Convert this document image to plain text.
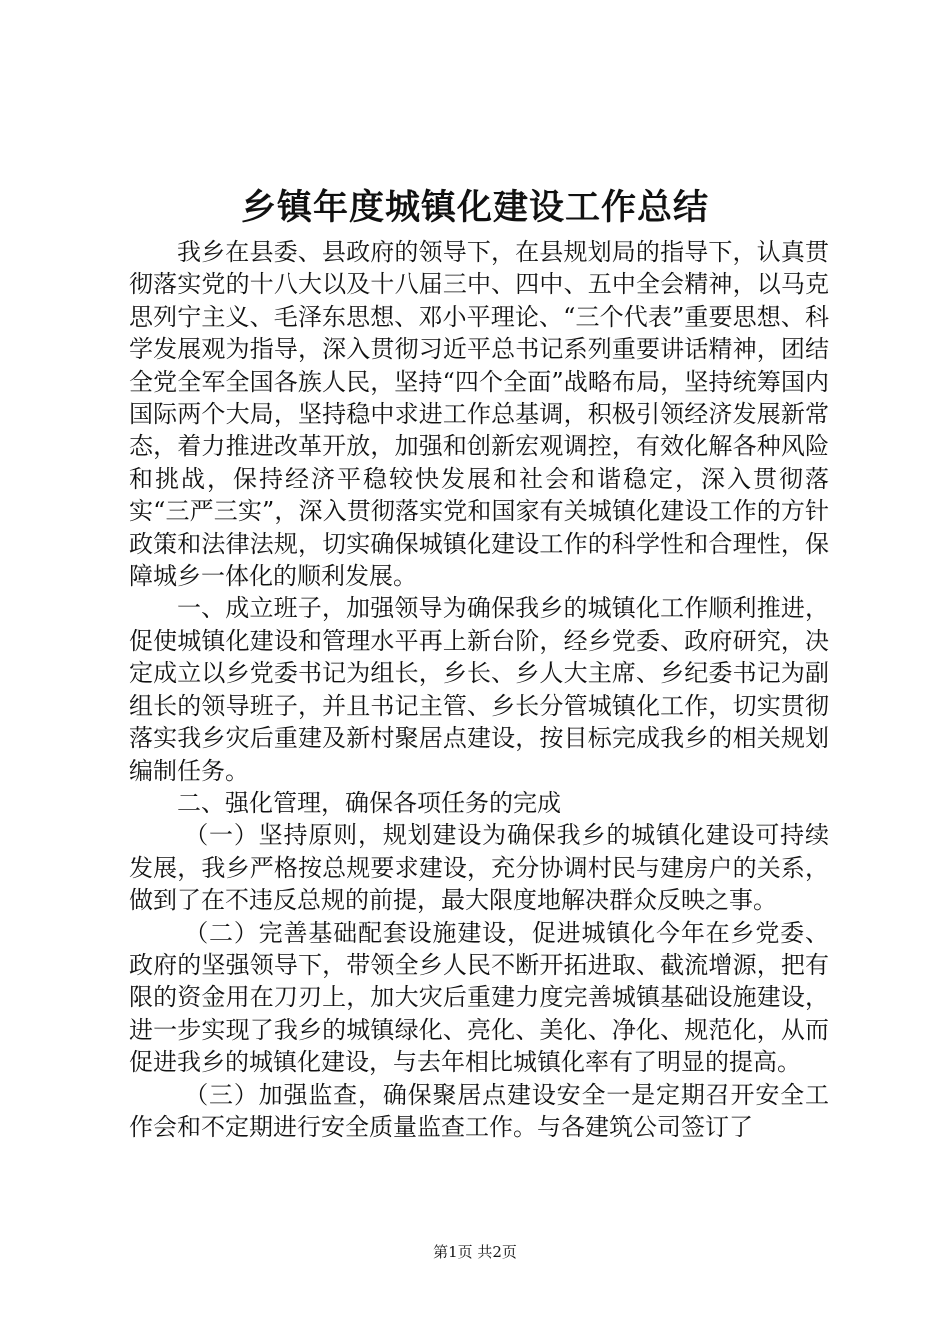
乡镇年度城镇化建设工作总结

我乡在县委、县政府的领导下，在县规划局的指导下，认真贯彻落实党的十八大以及十八届三中、四中、五中全会精神，以马克思列宁主义、毛泽东思想、邓小平理论、“三个代表”重要思想、科学发展观为指导，深入贯彻习近平总书记系列重要讲话精神，团结全党全军全国各族人民，坚持“四个全面”战略布局，坚持统筹国内国际两个大局，坚持稳中求进工作总基调，积极引领经济发展新常态，着力推进改革开放，加强和创新宏观调控，有效化解各种风险和挑战，保持经济平稳较快发展和社会和谐稳定，深入贯彻落实“三严三实”，深入贯彻落实党和国家有关城镇化建设工作的方针政策和法律法规，切实确保城镇化建设工作的科学性和合理性，保障城乡一体化的顺利发展。

一、成立班子，加强领导为确保我乡的城镇化工作顺利推进，促使城镇化建设和管理水平再上新台阶，经乡党委、政府研究，决定成立以乡党委书记为组长，乡长、乡人大主席、乡纪委书记为副组长的领导班子，并且书记主管、乡长分管城镇化工作，切实贯彻落实我乡灾后重建及新村聚居点建设，按目标完成我乡的相关规划编制任务。

二、强化管理，确保各项任务的完成

（一）坚持原则，规划建设为确保我乡的城镇化建设可持续发展，我乡严格按总规要求建设，充分协调村民与建房户的关系，做到了在不违反总规的前提，最大限度地解决群众反映之事。

（二）完善基础配套设施建设，促进城镇化今年在乡党委、政府的坚强领导下，带领全乡人民不断开拓进取、截流增源，把有限的资金用在刀刃上，加大灾后重建力度完善城镇基础设施建设，进一步实现了我乡的城镇绿化、亮化、美化、净化、规范化，从而促进我乡的城镇化建设，与去年相比城镇化率有了明显的提高。

（三）加强监查，确保聚居点建设安全一是定期召开安全工作会和不定期进行安全质量监查工作。与各建筑公司签订了

第1页 共2页
